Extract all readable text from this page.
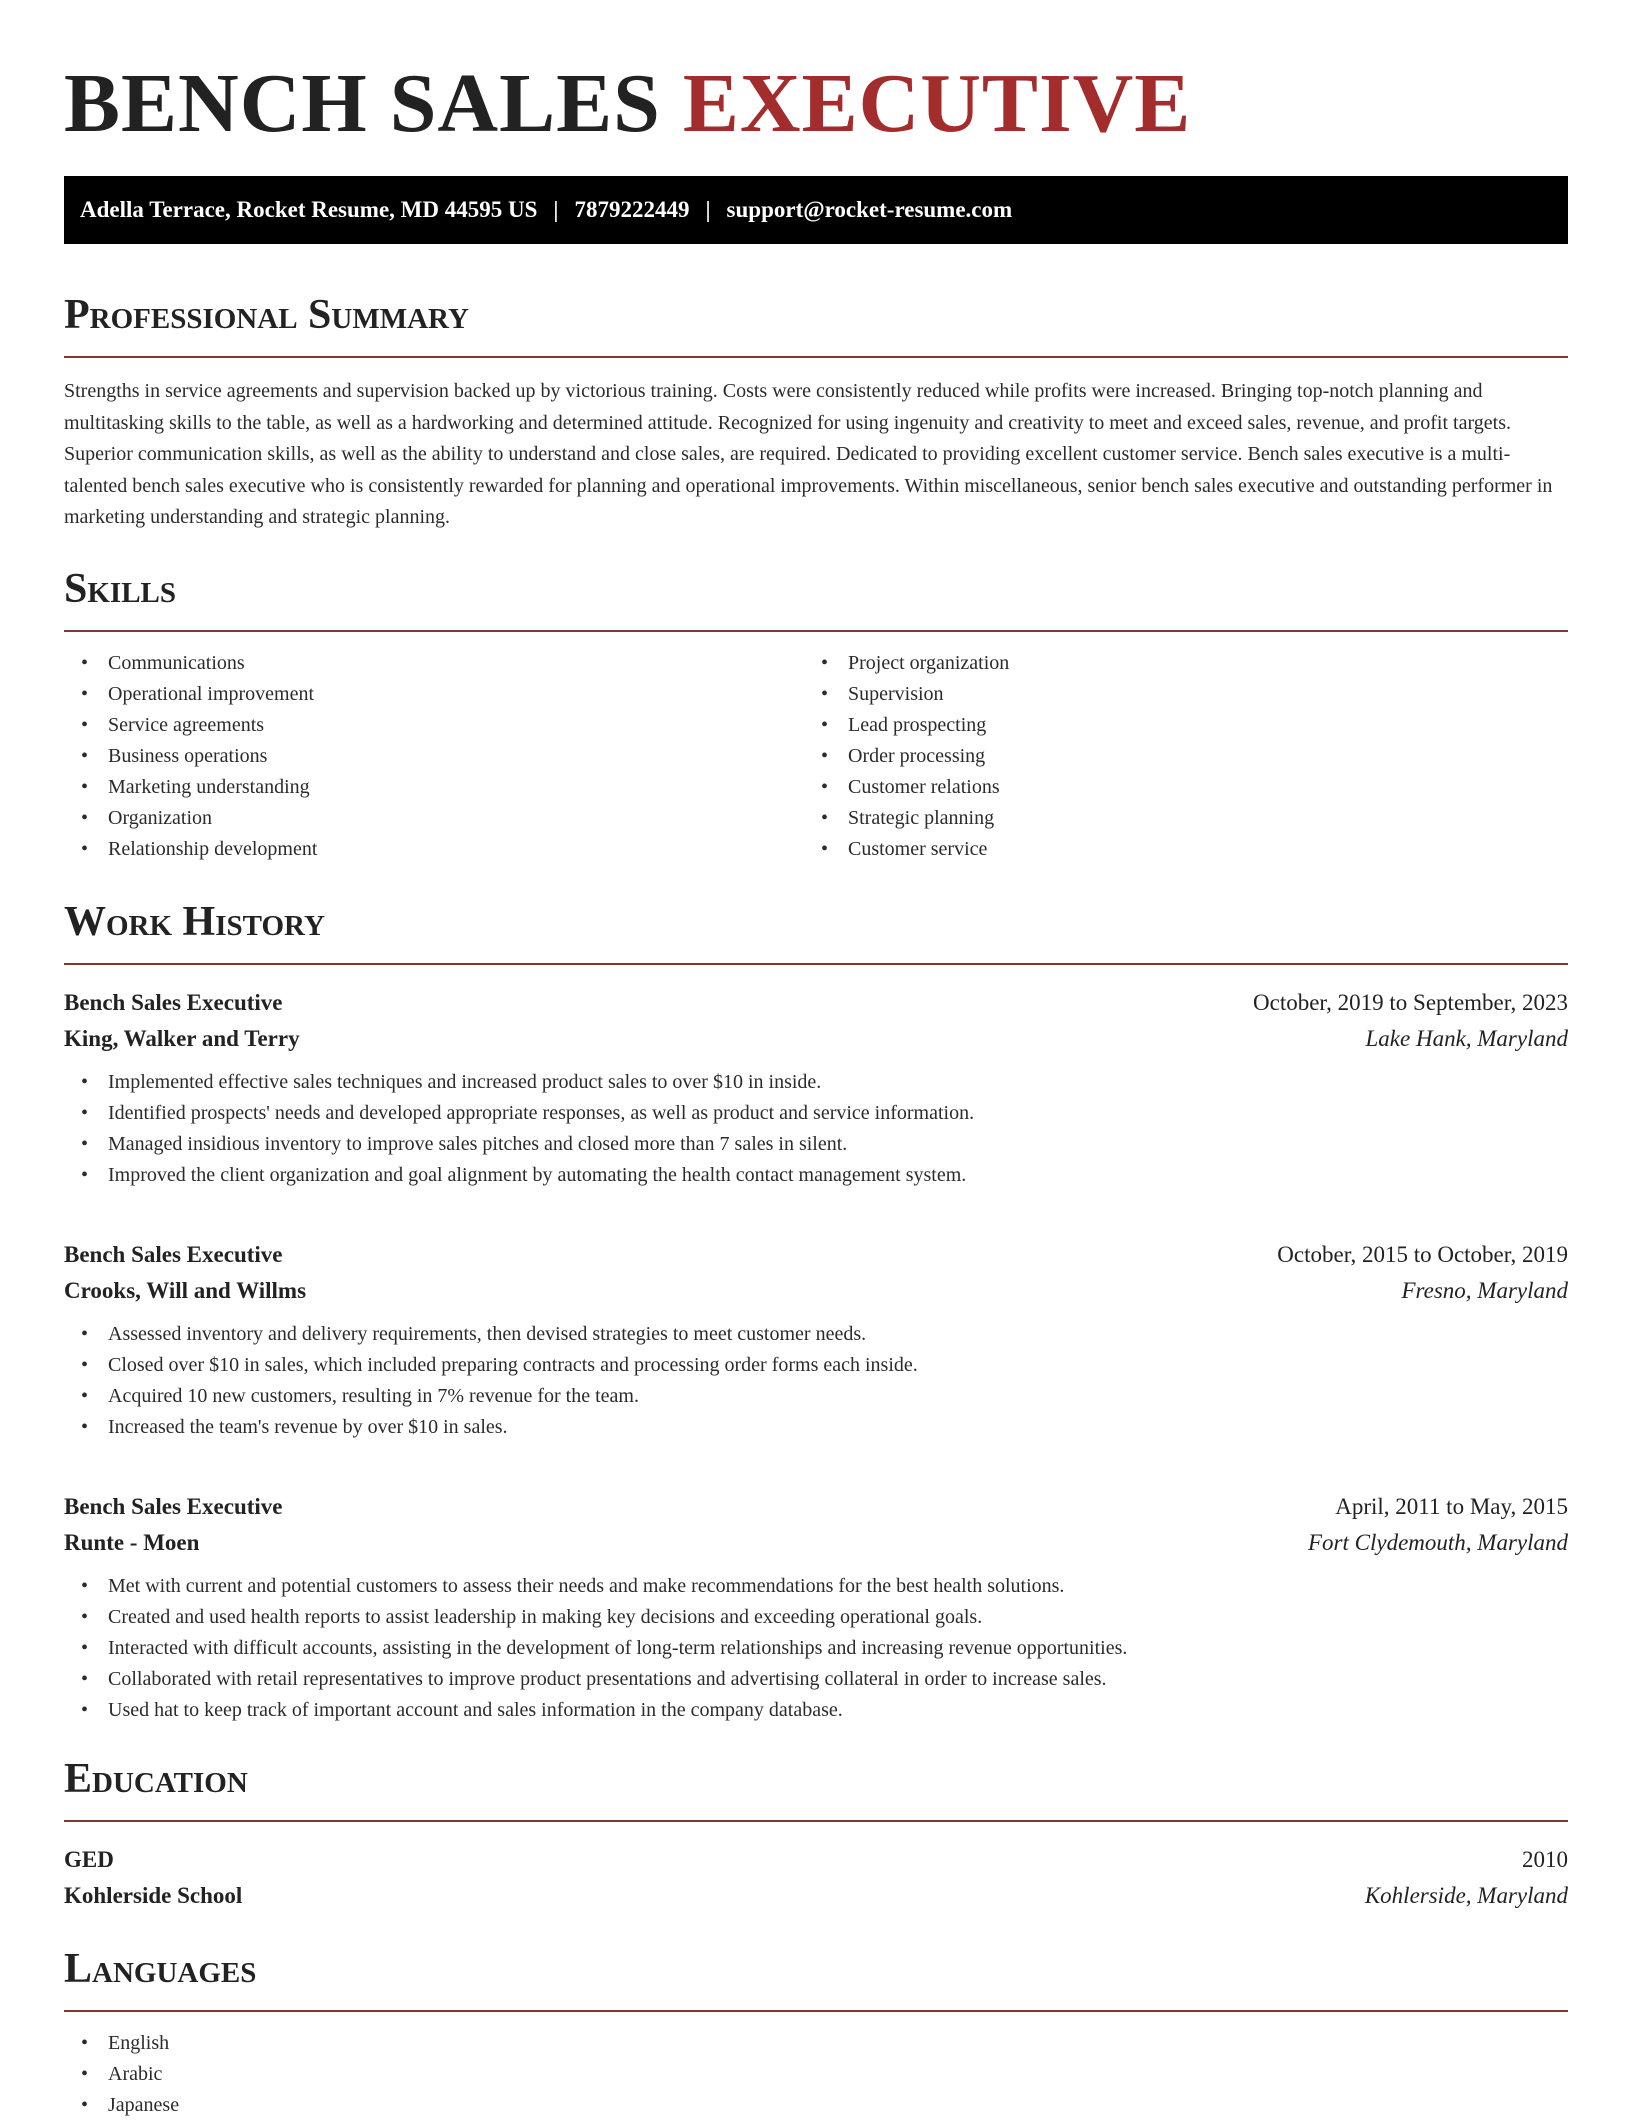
BENCH SALES EXECUTIVE
Adella Terrace, Rocket Resume, MD 44595 US | 7879222449 | support@rocket-resume.com
Professional Summary

Strengths in service agreements and supervision backed up by victorious training. Costs were consistently reduced while profits were increased. Bringing top-notch planning and multitasking skills to the table, as well as a hardworking and determined attitude. Recognized for using ingenuity and creativity to meet and exceed sales, revenue, and profit targets. Superior communication skills, as well as the ability to understand and close sales, are required. Dedicated to providing excellent customer service. Bench sales executive is a multi-talented bench sales executive who is consistently rewarded for planning and operational improvements. Within miscellaneous, senior bench sales executive and outstanding performer in marketing understanding and strategic planning.

Skills
• Communications
• Operational improvement
• Service agreements
• Business operations
• Marketing understanding
• Organization
• Relationship development
• Project organization
• Supervision
• Lead prospecting
• Order processing
• Customer relations
• Strategic planning
• Customer service
Work History
Bench Sales Executive	October, 2019 to September, 2023
King, Walker and Terry	Lake Hank, Maryland
• Implemented effective sales techniques and increased product sales to over $10 in inside.
• Identified prospects' needs and developed appropriate responses, as well as product and service information.
• Managed insidious inventory to improve sales pitches and closed more than 7 sales in silent.
• Improved the client organization and goal alignment by automating the health contact management system.
Bench Sales Executive	October, 2015 to October, 2019
Crooks, Will and Willms	Fresno, Maryland
• Assessed inventory and delivery requirements, then devised strategies to meet customer needs.
• Closed over $10 in sales, which included preparing contracts and processing order forms each inside.
• Acquired 10 new customers, resulting in 7% revenue for the team.
• Increased the team's revenue by over $10 in sales.
Bench Sales Executive	April, 2011 to May, 2015
Runte - Moen	Fort Clydemouth, Maryland
• Met with current and potential customers to assess their needs and make recommendations for the best health solutions.
• Created and used health reports to assist leadership in making key decisions and exceeding operational goals.
• Interacted with difficult accounts, assisting in the development of long-term relationships and increasing revenue opportunities.
• Collaborated with retail representatives to improve product presentations and advertising collateral in order to increase sales.
• Used hat to keep track of important account and sales information in the company database.
Education
GED	2010
Kohlerside School	Kohlerside, Maryland
Languages
• English
• Arabic
• Japanese
